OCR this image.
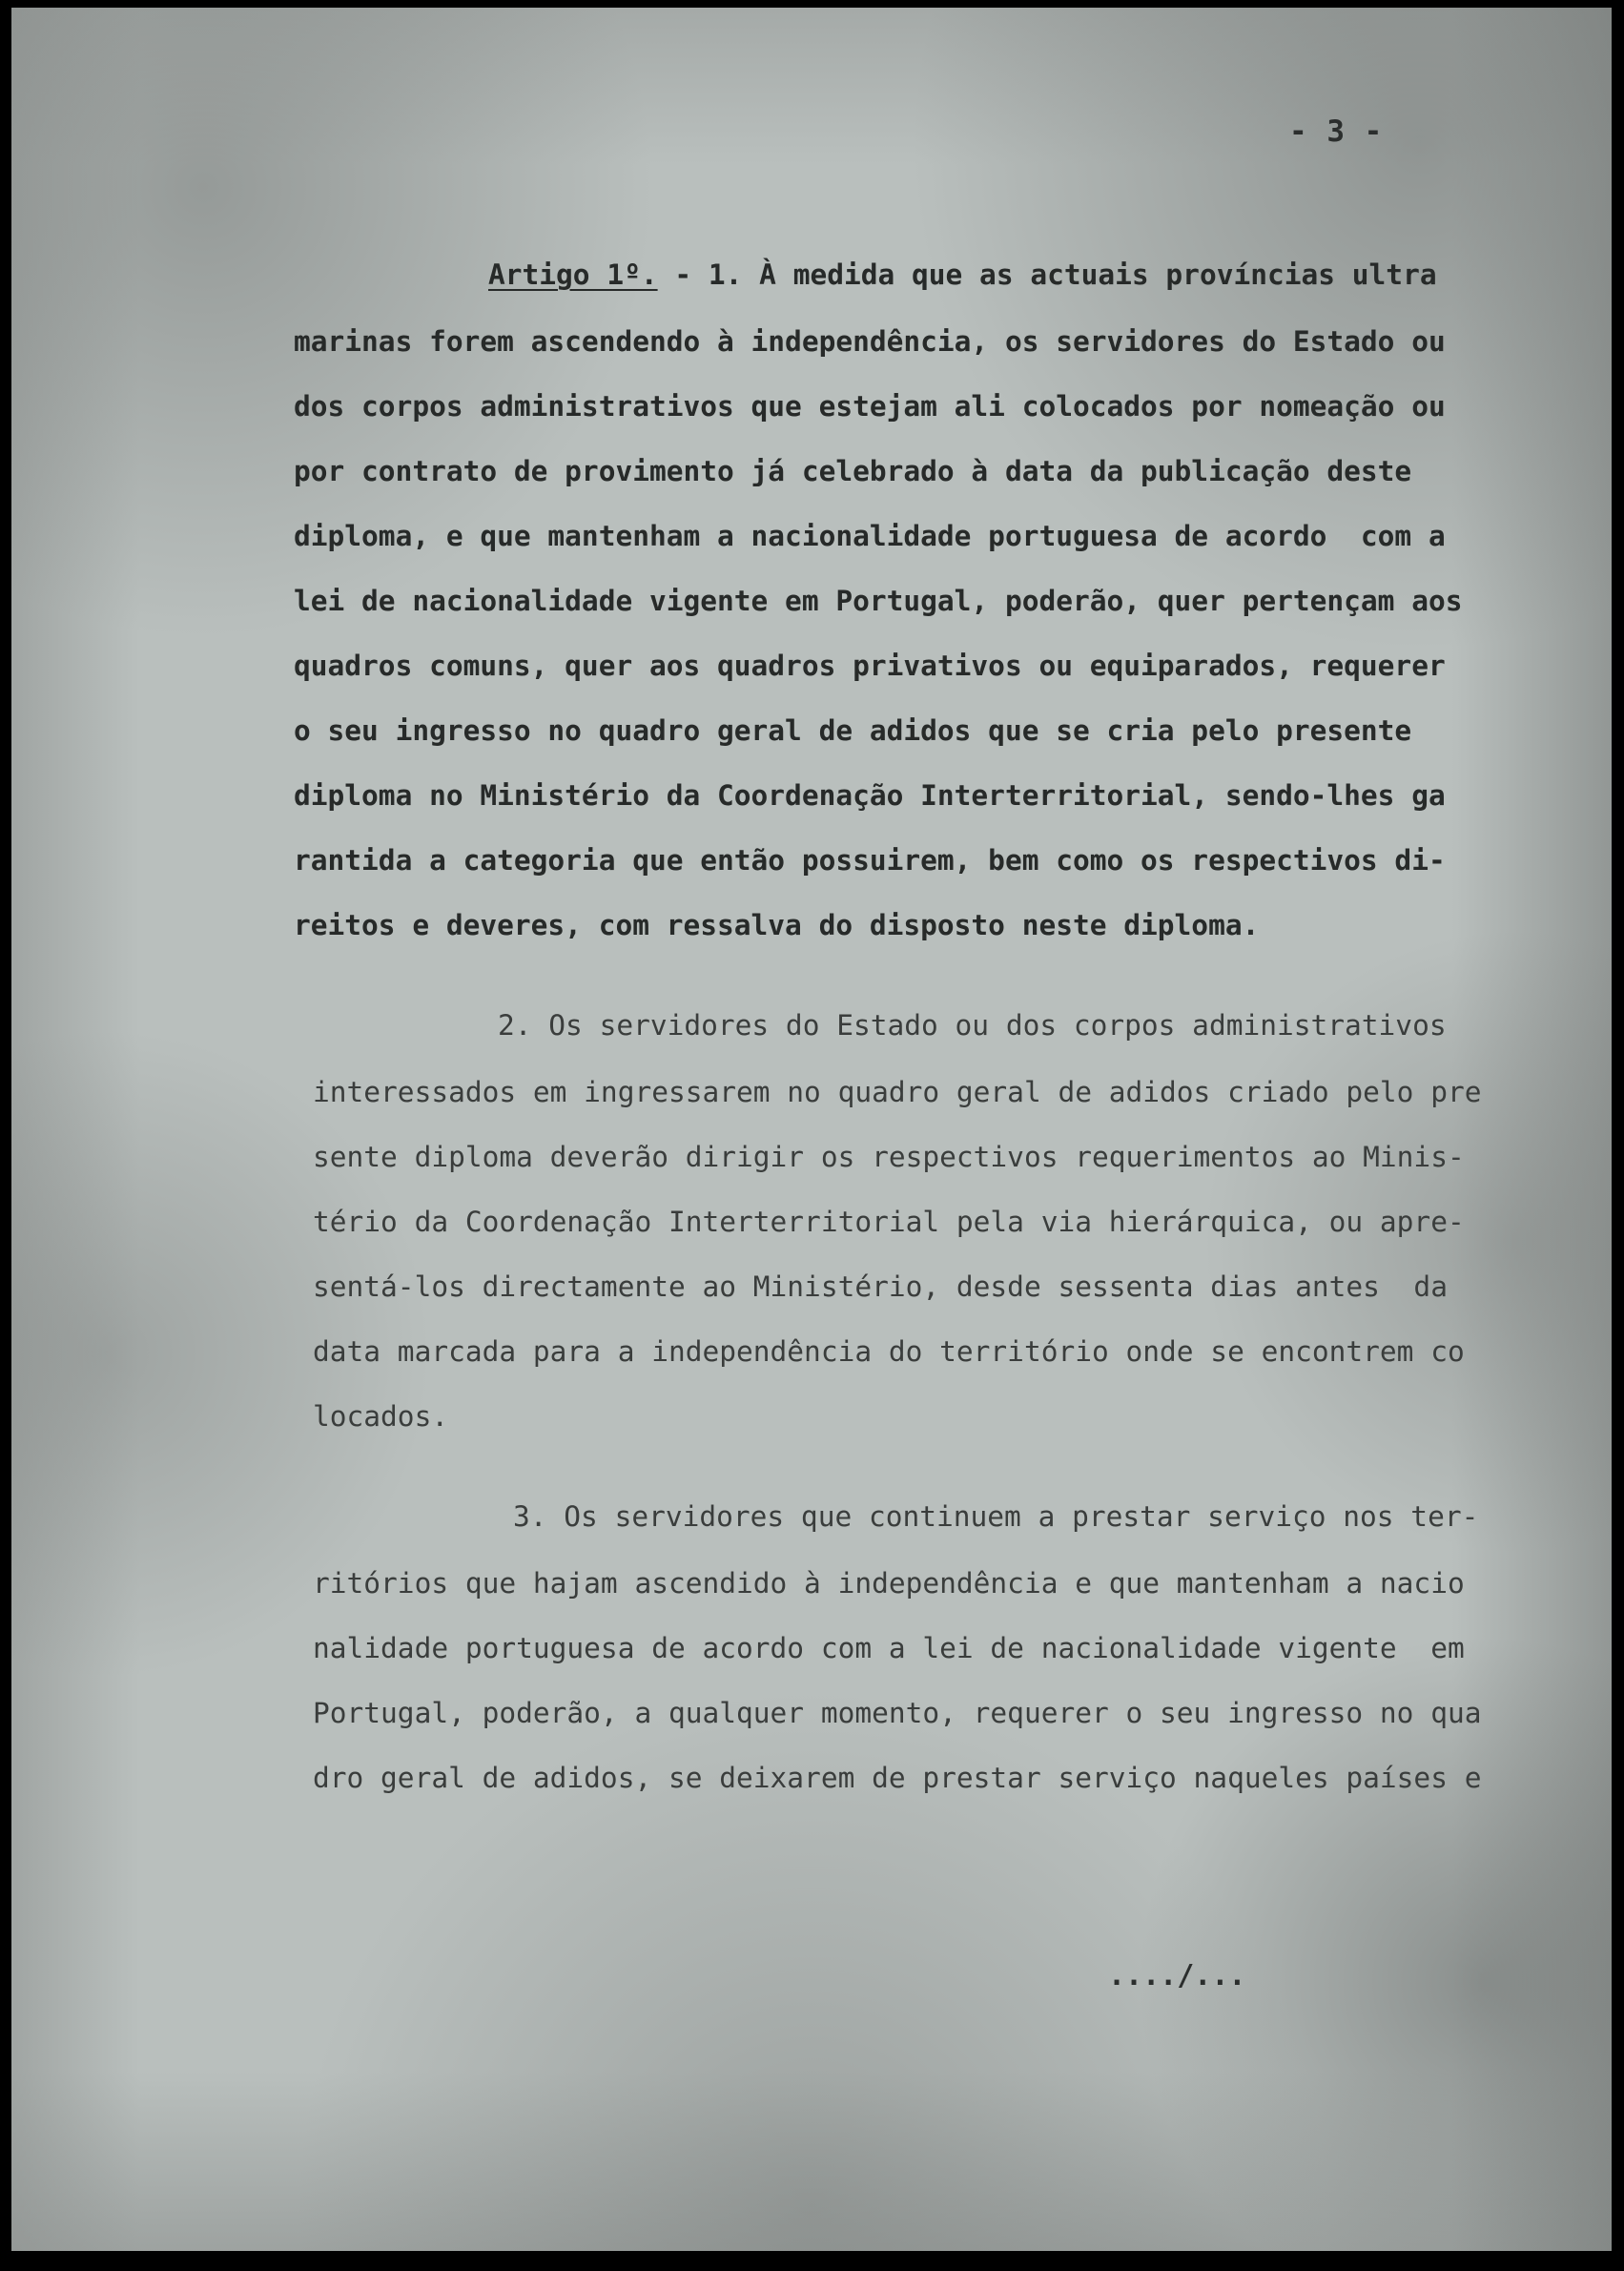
- 3 -
Artigo 1º. - 1. À medida que as actuais províncias ultra
marinas forem ascendendo à independência, os servidores do Estado ou
dos corpos administrativos que estejam ali colocados por nomeação ou
por contrato de provimento já celebrado à data da publicação deste
diploma, e que mantenham a nacionalidade portuguesa de acordo  com a
lei de nacionalidade vigente em Portugal, poderão, quer pertençam aos
quadros comuns, quer aos quadros privativos ou equiparados, requerer
o seu ingresso no quadro geral de adidos que se cria pelo presente
diploma no Ministério da Coordenação Interterritorial, sendo-lhes ga
rantida a categoria que então possuirem, bem como os respectivos di-
reitos e deveres, com ressalva do disposto neste diploma.
2. Os servidores do Estado ou dos corpos administrativos
interessados em ingressarem no quadro geral de adidos criado pelo pre
sente diploma deverão dirigir os respectivos requerimentos ao Minis-
tério da Coordenação Interterritorial pela via hierárquica, ou apre-
sentá-los directamente ao Ministério, desde sessenta dias antes  da
data marcada para a independência do território onde se encontrem co
locados.
3. Os servidores que continuem a prestar serviço nos ter-
ritórios que hajam ascendido à independência e que mantenham a nacio
nalidade portuguesa de acordo com a lei de nacionalidade vigente  em
Portugal, poderão, a qualquer momento, requerer o seu ingresso no qua
dro geral de adidos, se deixarem de prestar serviço naqueles países e
..../...
